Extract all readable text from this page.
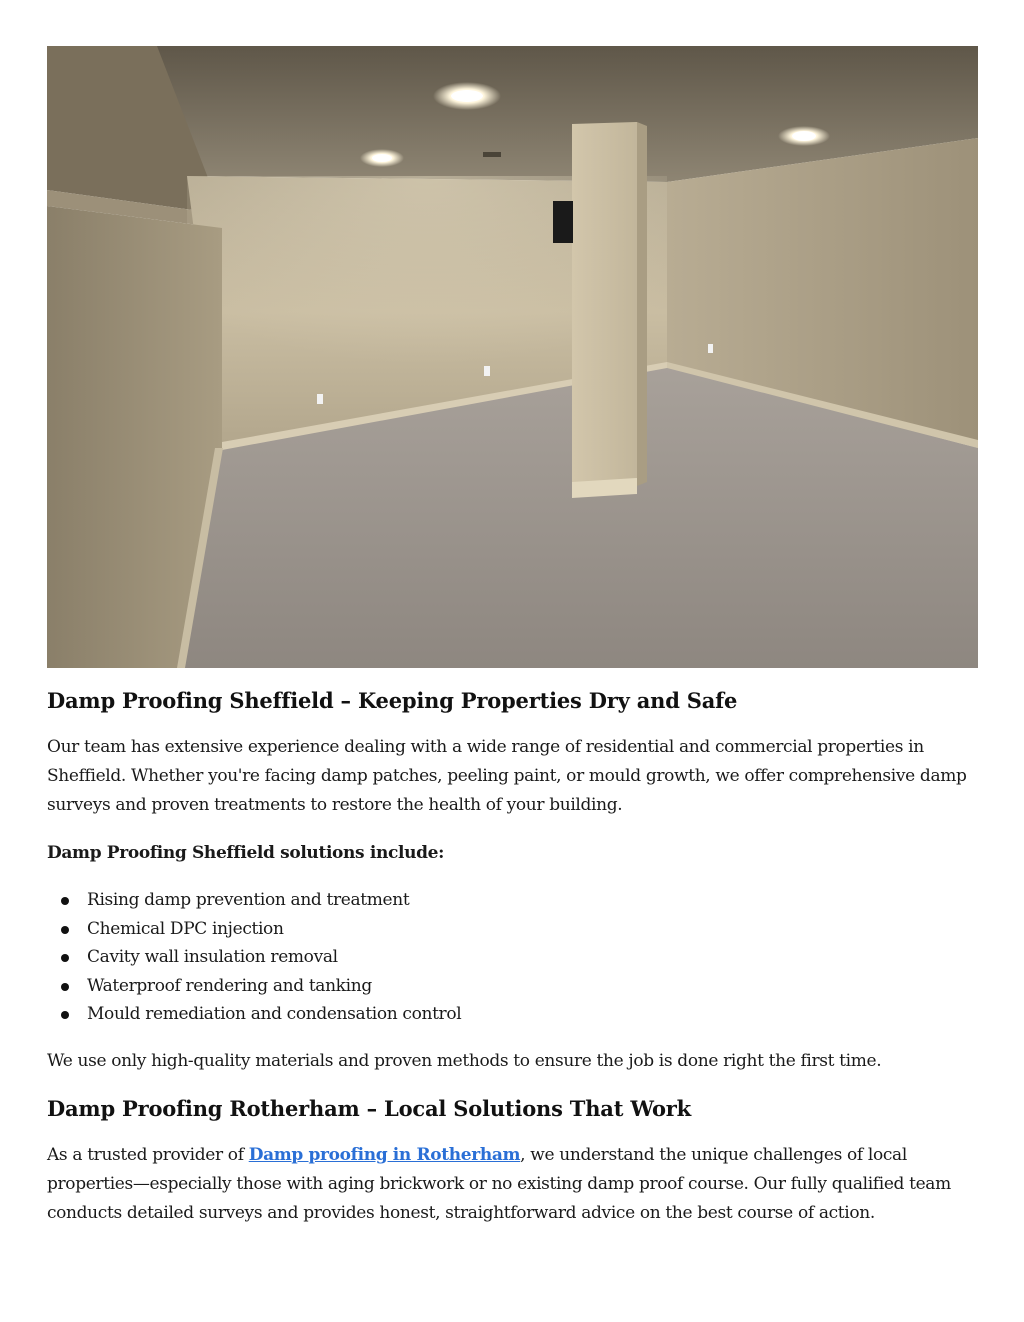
Damp Proofing Sheffield – Keeping Properties Dry and Safe

Our team has extensive experience dealing with a wide range of residential and commercial properties in Sheffield. Whether you're facing damp patches, peeling paint, or mould growth, we offer comprehensive damp surveys and proven treatments to restore the health of your building.

Damp Proofing Sheffield solutions include:

Rising damp prevention and treatment
Chemical DPC injection
Cavity wall insulation removal
Waterproof rendering and tanking
Mould remediation and condensation control

We use only high-quality materials and proven methods to ensure the job is done right the first time.

Damp Proofing Rotherham – Local Solutions That Work

As a trusted provider of Damp proofing in Rotherham, we understand the unique challenges of local properties—especially those with aging brickwork or no existing damp proof course. Our fully qualified team conducts detailed surveys and provides honest, straightforward advice on the best course of action.
